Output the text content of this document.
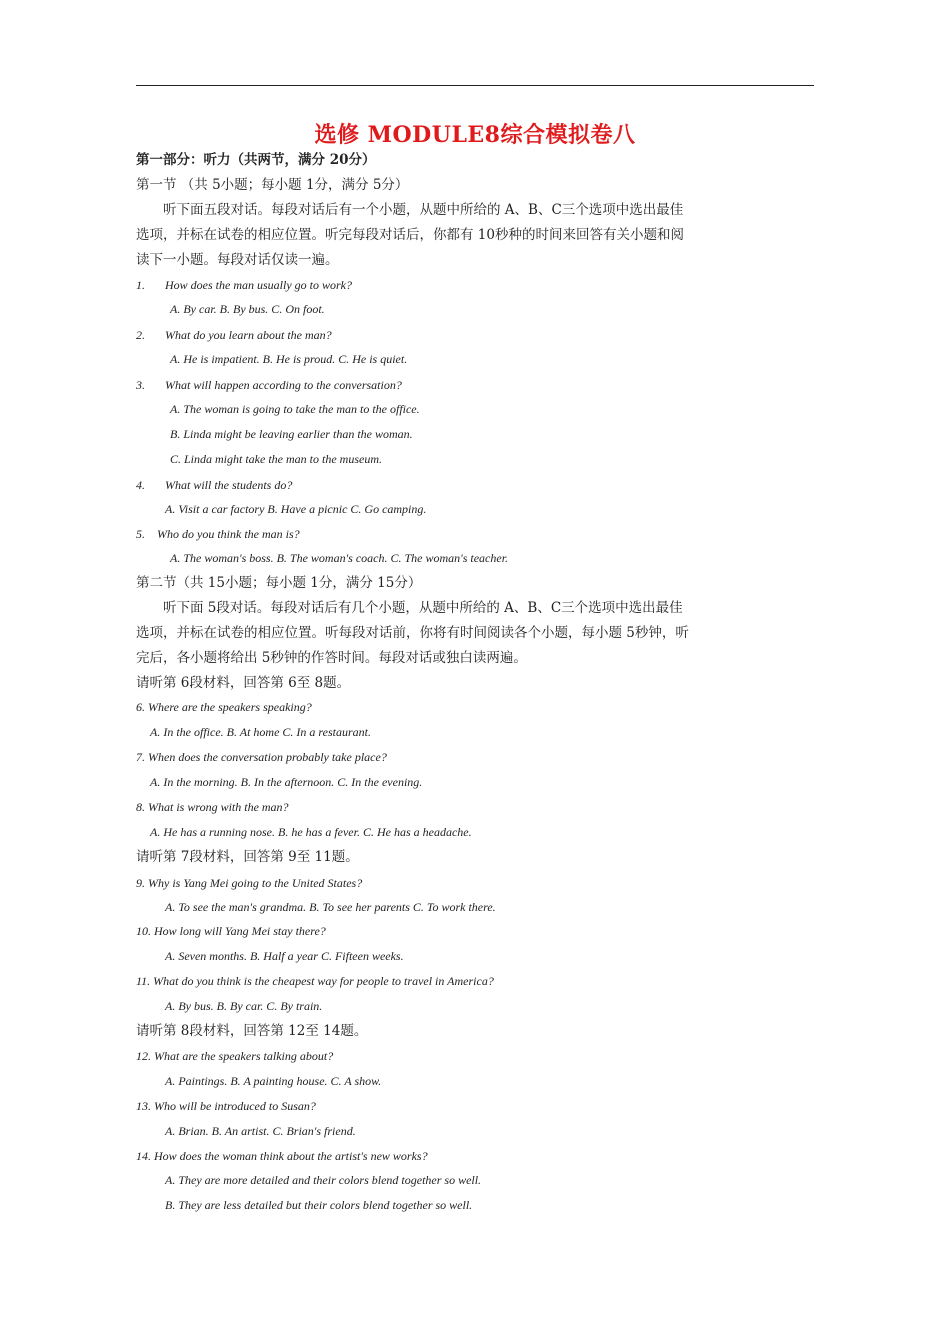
选修 MODULE8综合模拟卷八
第一部分：听力（共两节，满分 20分）
第一节 （共 5小题；每小题 1分，满分 5分）
听下面五段对话。每段对话后有一个小题，从题中所给的 A、B、C三个选项中选出最佳选项，并标在试卷的相应位置。听完每段对话后，你都有 10秒种的时间来回答有关小题和阅读下一小题。每段对话仅读一遍。
1. How does the man usually go to work?
A. By car. B. By bus. C. On foot.
2. What do you learn about the man?
A. He is impatient. B. He is proud. C. He is quiet.
3. What will happen according to the conversation?
A. The woman is going to take the man to the office.
B. Linda might be leaving earlier than the woman.
C. Linda might take the man to the museum.
4. What will the students do?
A. Visit a car factory B. Have a picnic C. Go camping.
5. Who do you think the man is?
A. The woman's boss. B. The woman's coach. C. The woman's teacher.
第二节（共 15小题；每小题 1分，满分 15分）
听下面 5段对话。每段对话后有几个小题，从题中所给的 A、B、C三个选项中选出最佳选项，并标在试卷的相应位置。听每段对话前，你将有时间阅读各个小题，每小题 5秒钟，听完后，各小题将给出 5秒钟的作答时间。每段对话或独白读两遍。
请听第 6段材料，回答第 6至 8题。
6. Where are the speakers speaking?
A. In the office. B. At home C. In a restaurant.
7. When does the conversation probably take place?
A. In the morning. B. In the afternoon. C. In the evening.
8. What is wrong with the man?
A. He has a running nose. B. he has a fever. C. He has a headache.
请听第 7段材料，回答第 9至 11题。
9. Why is Yang Mei going to the United States?
A. To see the man's grandma. B. To see her parents C. To work there.
10. How long will Yang Mei stay there?
A. Seven months. B. Half a year C. Fifteen weeks.
11. What do you think is the cheapest way for people to travel in America?
A. By bus. B. By car. C. By train.
请听第 8段材料，回答第 12至 14题。
12. What are the speakers talking about?
A. Paintings. B. A painting house. C. A show.
13. Who will be introduced to Susan?
A. Brian. B. An artist. C. Brian's friend.
14. How does the woman think about the artist's new works?
A. They are more detailed and their colors blend together so well.
B. They are less detailed but their colors blend together so well.
